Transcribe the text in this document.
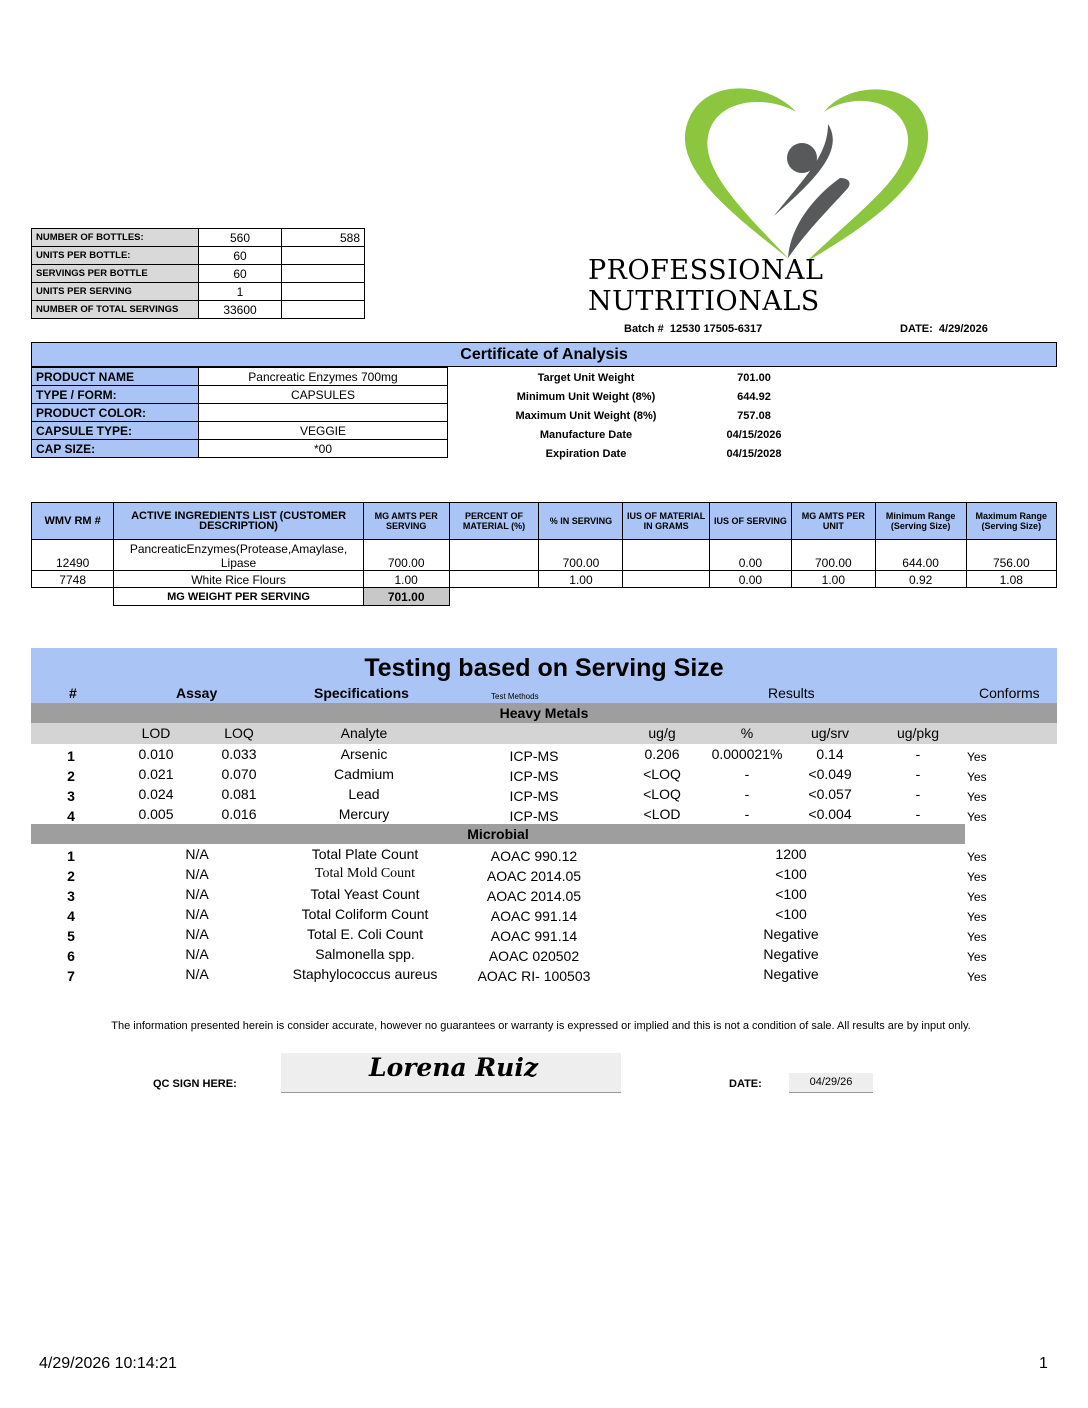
PROFESSIONAL NUTRITIONALS
NUMBER OF BOTTLES:	560	588
UNITS PER BOTTLE:	60	
SERVINGS PER BOTTLE	60	
UNITS PER SERVING	1	
NUMBER OF TOTAL SERVINGS	33600	
Batch # 12530 17505-6317	DATE: 4/29/2026
Certificate of Analysis
PRODUCT NAME	Pancreatic Enzymes 700mg
TYPE / FORM:	CAPSULES
PRODUCT COLOR:	
CAPSULE TYPE:	VEGGIE
CAP SIZE:	*00
Target Unit Weight	701.00
Minimum Unit Weight (8%)	644.92
Maximum Unit Weight (8%)	757.08
Manufacture Date	04/15/2026
Expiration Date	04/15/2028
WMV RM #	ACTIVE INGREDIENTS LIST (CUSTOMER DESCRIPTION)	MG AMTS PER SERVING	PERCENT OF MATERIAL (%)	% IN SERVING	IUS OF MATERIAL IN GRAMS	IUS OF SERVING	MG AMTS PER UNIT	Minimum Range (Serving Size)	Maximum Range (Serving Size)
12490	PancreaticEnzymes(Protease,Amaylase, Lipase	700.00		700.00		0.00	700.00	644.00	756.00
7748	White Rice Flours	1.00		1.00		0.00	1.00	0.92	1.08
	MG WEIGHT PER SERVING	701.00							
Testing based on Serving Size
#	Assay	Specifications	Test Methods	Results	Conforms
Heavy Metals
LOD	LOQ	Analyte	ug/g	%	ug/srv	ug/pkg
1	0.010	0.033	Arsenic	ICP-MS	0.206	0.000021%	0.14	-	Yes
2	0.021	0.070	Cadmium	ICP-MS	<LOQ	-	<0.049	-	Yes
3	0.024	0.081	Lead	ICP-MS	<LOQ	-	<0.057	-	Yes
4	0.005	0.016	Mercury	ICP-MS	<LOD	-	<0.004	-	Yes
Microbial
1	N/A	Total Plate Count	AOAC 990.12	1200	Yes
2	N/A	Total Mold Count	AOAC 2014.05	<100	Yes
3	N/A	Total Yeast Count	AOAC 2014.05	<100	Yes
4	N/A	Total Coliform Count	AOAC 991.14	<100	Yes
5	N/A	Total E. Coli Count	AOAC 991.14	Negative	Yes
6	N/A	Salmonella spp.	AOAC 020502	Negative	Yes
7	N/A	Staphylococcus aureus	AOAC RI- 100503	Negative	Yes
The information presented herein is consider accurate, however no guarantees or warranty is expressed or implied and this is not a condition of sale. All results are by input only.
QC SIGN HERE:
Lorena Ruiz
DATE:	04/29/26
4/29/2026 10:14:21	1
